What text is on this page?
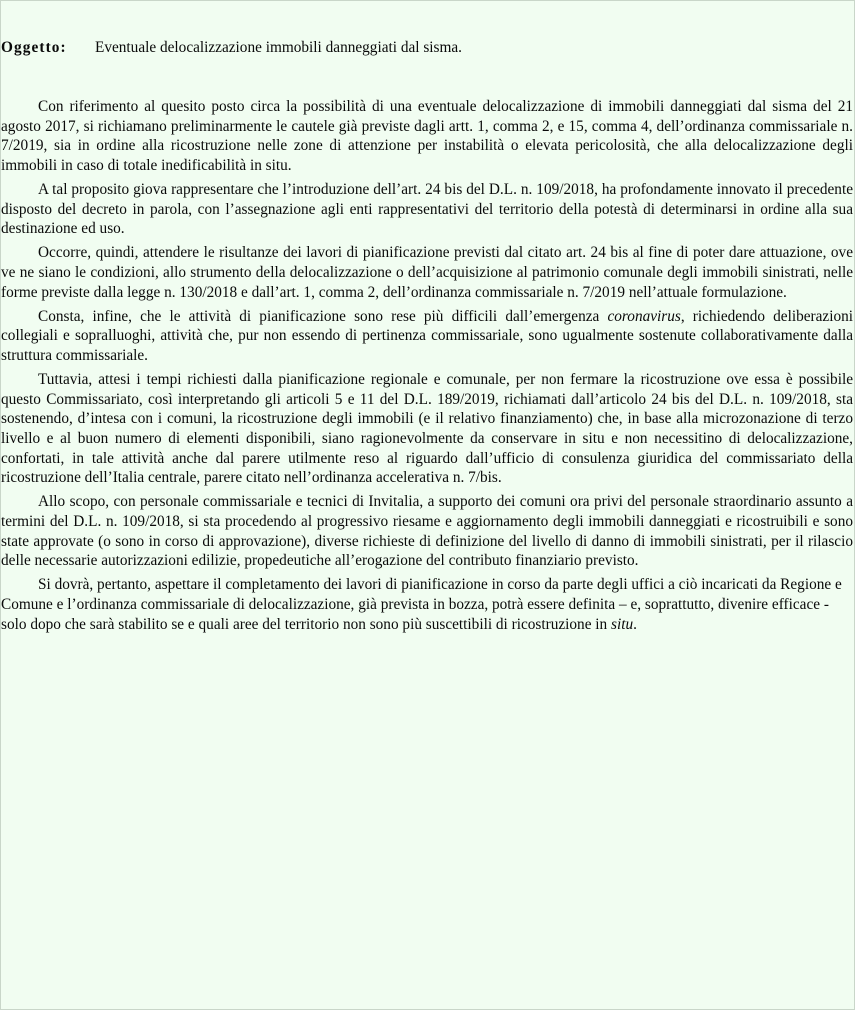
Oggetto: Eventuale delocalizzazione immobili danneggiati dal sisma.

Con riferimento al quesito posto circa la possibilità di una eventuale delocalizzazione di immobili danneggiati dal sisma del 21 agosto 2017, si richiamano preliminarmente le cautele già previste dagli artt. 1, comma 2, e 15, comma 4, dell’ordinanza commissariale n. 7/2019, sia in ordine alla ricostruzione nelle zone di attenzione per instabilità o elevata pericolosità, che alla delocalizzazione degli immobili in caso di totale inedificabilità in situ.

A tal proposito giova rappresentare che l’introduzione dell’art. 24 bis del D.L. n. 109/2018, ha profondamente innovato il precedente disposto del decreto in parola, con l’assegnazione agli enti rappresentativi del territorio della potestà di determinarsi in ordine alla sua destinazione ed uso.

Occorre, quindi, attendere le risultanze dei lavori di pianificazione previsti dal citato art. 24 bis al fine di poter dare attuazione, ove ve ne siano le condizioni, allo strumento della delocalizzazione o dell’acquisizione al patrimonio comunale degli immobili sinistrati, nelle forme previste dalla legge n. 130/2018 e dall’art. 1, comma 2, dell’ordinanza commissariale n. 7/2019 nell’attuale formulazione.

Consta, infine, che le attività di pianificazione sono rese più difficili dall’emergenza coronavirus, richiedendo deliberazioni collegiali e sopralluoghi, attività che, pur non essendo di pertinenza commissariale, sono ugualmente sostenute collaborativamente dalla struttura commissariale.

Tuttavia, attesi i tempi richiesti dalla pianificazione regionale e comunale, per non fermare la ricostruzione ove essa è possibile questo Commissariato, così interpretando gli articoli 5 e 11 del D.L. 189/2019, richiamati dall’articolo 24 bis del D.L. n. 109/2018, sta sostenendo, d’intesa con i comuni, la ricostruzione degli immobili (e il relativo finanziamento) che, in base alla microzonazione di terzo livello e al buon numero di elementi disponibili, siano ragionevolmente da conservare in situ e non necessitino di delocalizzazione, confortati, in tale attività anche dal parere utilmente reso al riguardo dall’ufficio di consulenza giuridica del commissariato della ricostruzione dell’Italia centrale, parere citato nell’ordinanza accelerativa n. 7/bis.

Allo scopo, con personale commissariale e tecnici di Invitalia, a supporto dei comuni ora privi del personale straordinario assunto a termini del D.L. n. 109/2018, si sta procedendo al progressivo riesame e aggiornamento degli immobili danneggiati e ricostruibili e sono state approvate (o sono in corso di approvazione), diverse richieste di definizione del livello di danno di immobili sinistrati, per il rilascio delle necessarie autorizzazioni edilizie, propedeutiche all’erogazione del contributo finanziario previsto.

Si dovrà, pertanto, aspettare il completamento dei lavori di pianificazione in corso da parte degli uffici a ciò incaricati da Regione e Comune e l’ordinanza commissariale di delocalizzazione, già prevista in bozza, potrà essere definita – e, soprattutto, divenire efficace - solo dopo che sarà stabilito se e quali aree del territorio non sono più suscettibili di ricostruzione in situ.
